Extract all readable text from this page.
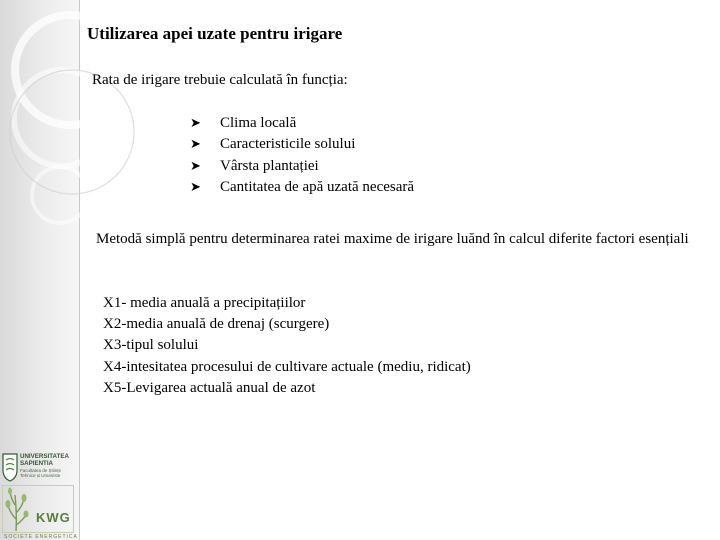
Utilizarea apei uzate pentru irigare
Rata de irigare trebuie calculată în funcția:
➤	Clima locală
➤	Caracteristicile solului
➤	Vârsta plantației
➤	Cantitatea de apă uzată necesară
Metodă simplă pentru determinarea ratei maxime de irigare luănd în calcul diferite factori esențiali
X1- media anuală a precipitațiilor
X2-media anuală de drenaj (scurgere)
X3-tipul solului
X4-intesitatea procesului de cultivare actuale (mediu, ridicat)
X5-Levigarea actuală anual de azot
UNIVERSITATEA
SAPIENTIA
Facultatea de Științe
Tehnice și Umaniste
KWG
SOCIETE ENERGETICA
